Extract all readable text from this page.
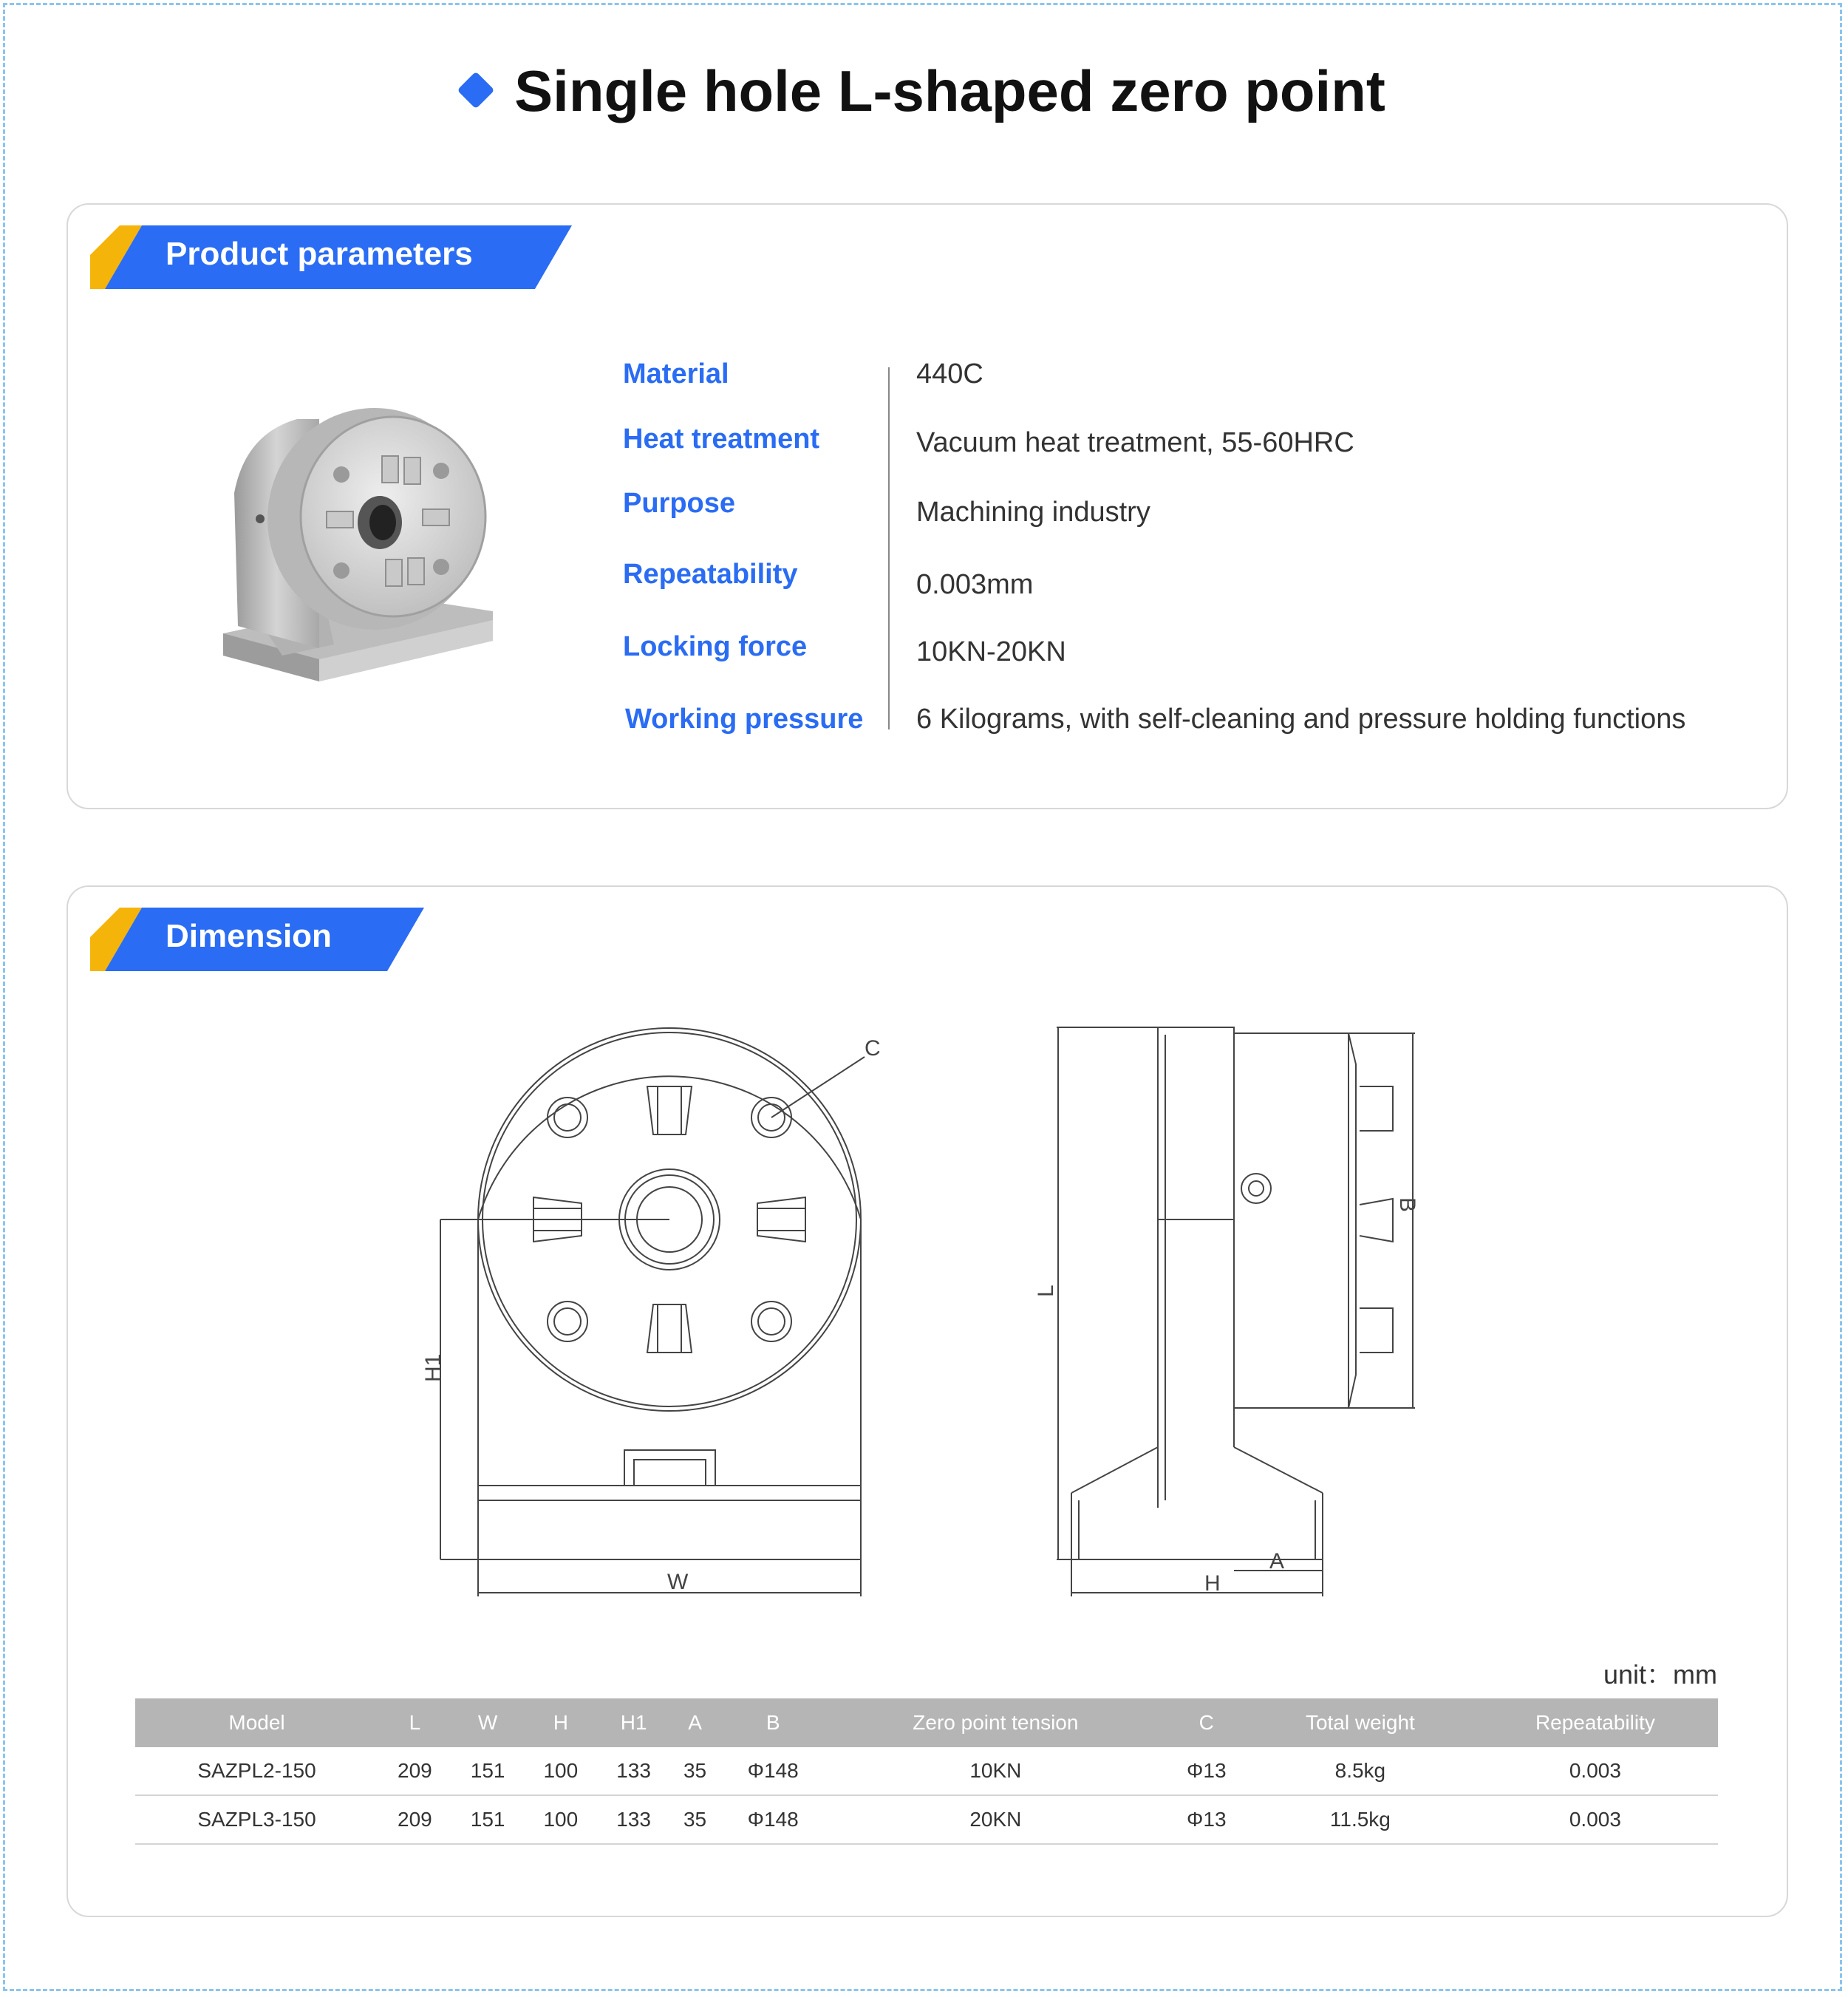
Single hole L-shaped zero point
Product parameters
Material	440C
Heat treatment	Vacuum heat treatment, 55-60HRC
Purpose	Machining industry
Repeatability	0.003mm
Locking force	10KN-20KN
Working pressure 6 Kilograms, with self-cleaning and pressure holding functions
Dimension
C
H1
W
L
B
H
A
unit：mm
Model	L	W	H	H1	A	B	Zero point tension	C	Total weight	Repeatability
SAZPL2-150	209	151	100	133	35	Φ148	10KN	Φ13	8.5kg	0.003
SAZPL3-150	209	151	100	133	35	Φ148	20KN	Φ13	11.5kg	0.003
